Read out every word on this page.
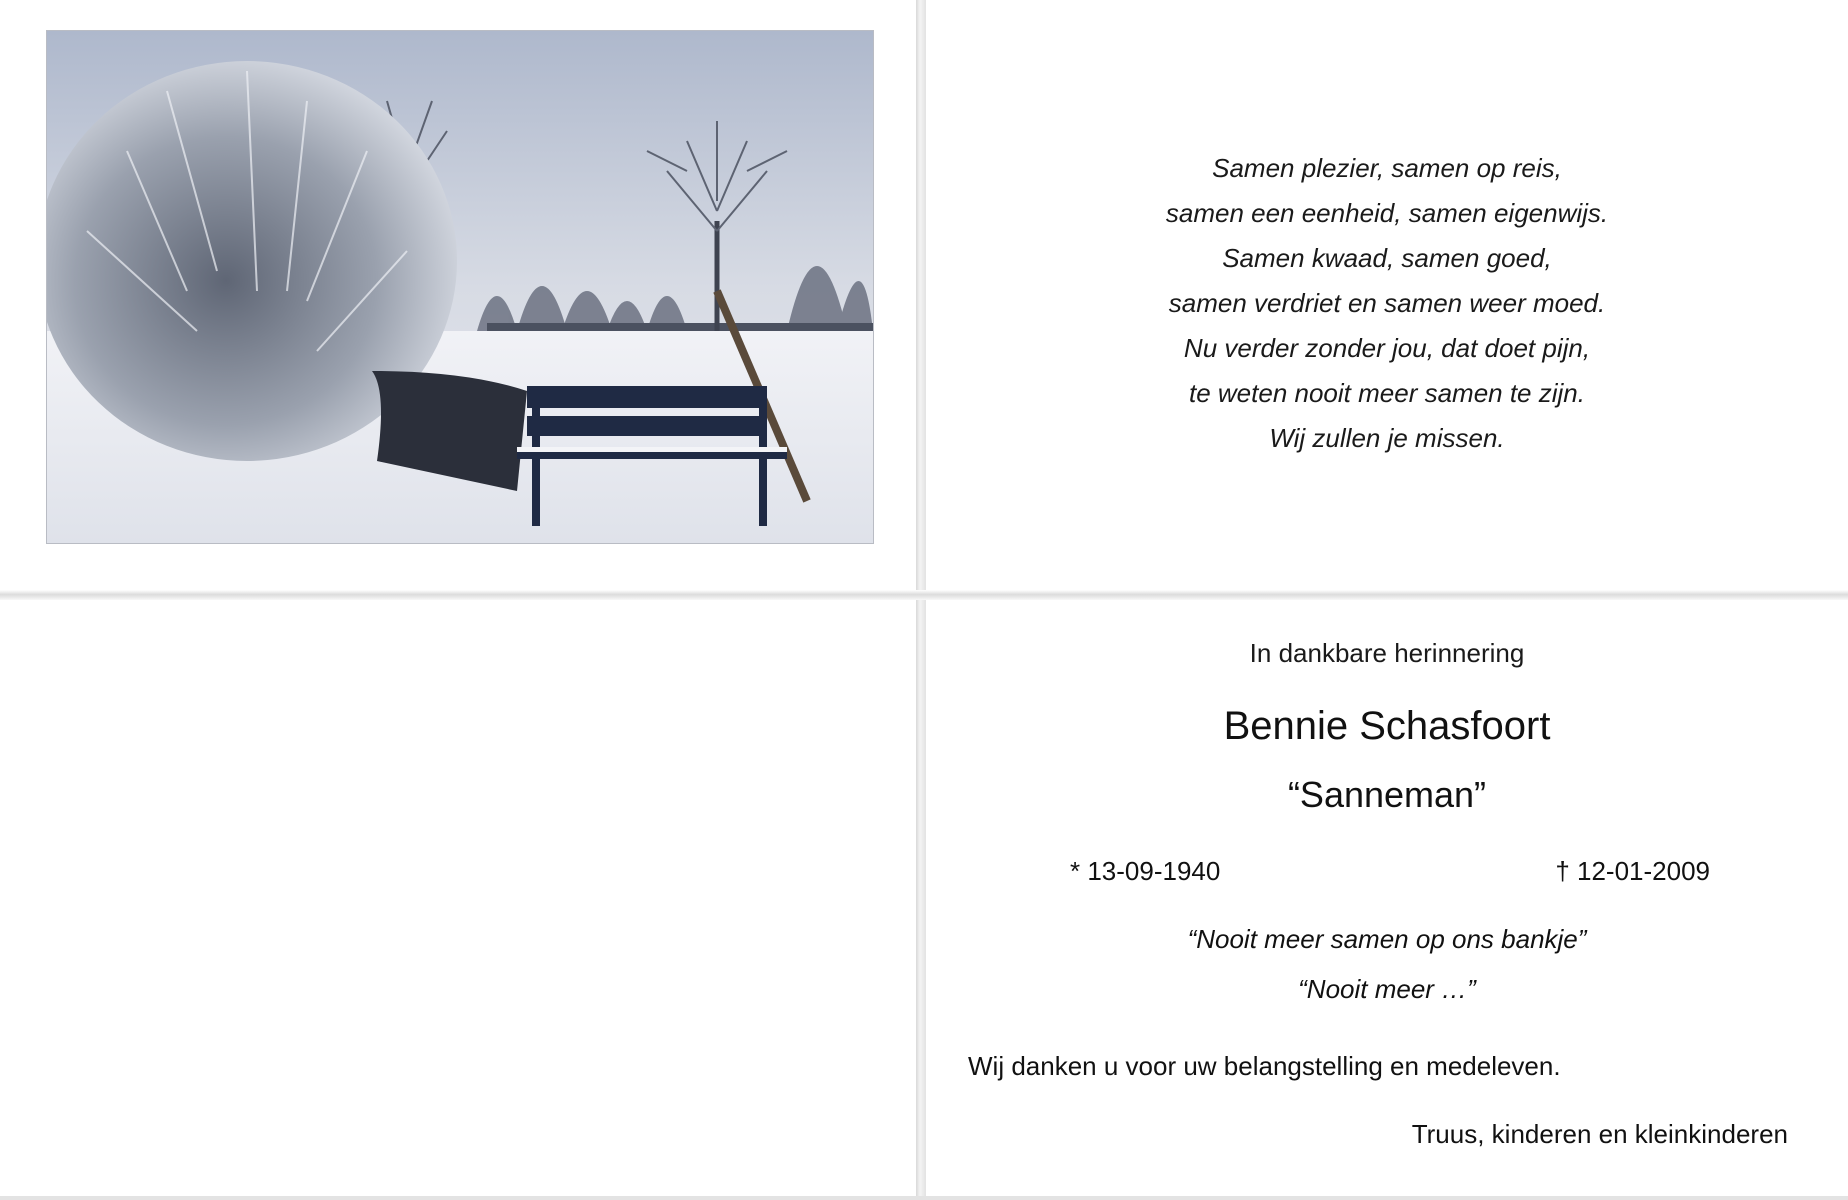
Samen plezier, samen op reis,
samen een eenheid, samen eigenwijs.
Samen kwaad, samen goed,
samen verdriet en samen weer moed.
Nu verder zonder jou, dat doet pijn,
te weten nooit meer samen te zijn.
Wij zullen je missen.
In dankbare herinnering
Bennie Schasfoort
“Sanneman”
* 13-09-1940	† 12-01-2009
“Nooit meer samen op ons bankje”
“Nooit meer …”
Wij danken u voor uw belangstelling en medeleven.
Truus, kinderen en kleinkinderen
